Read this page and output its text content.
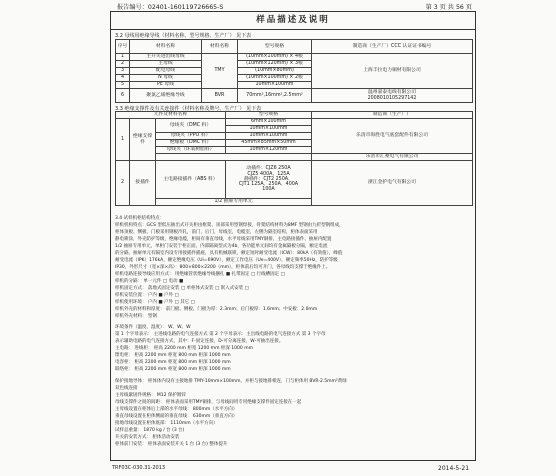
报告编号：02401-160119726665-S	第 3 页 共 56 页
样品描述及说明
3.2 母线用绝缘导线（材料名称、型号规格、生产厂） 见下表
序号	材料名称	材料名称	型号规格	制造商（生产厂）CCC 认证证书编号
1	主开关进出线母线	TMY	(10mm×100mm) × 4根	上海丰拉电力铜材有限公司
2	主母线		(10mm×120mm) × 3根	
3	配电母线		(10mm×80mm)	
4	N 母线		(10mm×100mm) × 2根	
5	PE 母线		10mm×100mm	
6	聚氯乙烯绝缘导线	BVR	70mm²,16mm²,2.5mm²	温州嘉泰电线有限公司
2008010105297142
3.3 绝缘支撑件及有关连接件（材料名称及牌号、生产厂） 见下表
元件及材料名称			型号规格	制造商（生产厂）
1	绝缘支撑件	母线夹（DMC 料）	6mm×100mm	乐清市海胜电气底套配件有限公司
			10mm×100mm	
		母线夹（PPO 料）	10mm×100mm	
		绝缘板（DMC 料）	45mm×85mm×50mm	
		母线夹（环氧树脂料）	10mm×120mm	
				乐清市汇豪电气有限公司
2	接插件	主电路接插件（ABS 料）	动插件：CJZ6 250A
CJZ5 400A、125A
静插件：CJT2 250A、
CJT1 125A、250A、400A
100A	浙江金护电气有限公司
		1/2 抽屉专用单元		
3.4 试样机柜结构特点：
样机机构特点：GCS 型低压抽出式开关柜由框架、顶部采用型钢焊接，骨架结构材料为8MF 型钢由九折型钢组成，
柜体顶板、侧板、门板采用钢板冷轧，前门，后门，母线室，电缆室，左侧为隔室结构，柜体表面采用
静电喷涂，外壳防护等级，绝缘电缆，柜间有垂直母线，水平母线采用TMY铜排，主电路接插件、抽屉内配置
1/2 抽屉专用单元，单柜门安装于柜正面，内部隔离型式为4b，各功能单元间均有金属隔板分隔，额定电流
的分隔，抽屉单元有隔室内设专用接插件插座，具有机械联锁，额定短时耐受电流（ICW）：80kA（有效值），峰值
耐受电流（IPK）176kA，额定绝缘电压（Ui=690V），额定工作电压（Ue=400V），额定频率50Hz，防护等级
IP30，外形尺寸（宽×深×高）：800×800×2200（mm），柜体前后均可开门，各母线均支撑于绝缘件上。
样机电路连接导线应用方式： 用绝缘管状绝缘导线捆扎 ■ 扎带固定 □ 行线槽固定 □
样机的分隔： 单一元件 □ 电动 ■
样机固定方式： 落地式固定安装 □ 单柜体式安装 □ 嵌入式安装 □
样机安装位置： 户内 ■ 户外 □
样机使用环境： 户内 ■ 户外 □ 其它 □
样机外壳的材料和厚度： 前门板、侧板、门板为厚：2.3mm；后门板厚：1.6mm；中安板：2.0mm
样机外壳材料： 型钢
环境条件（温度、湿度）： W、W、W
第 1 个字母表示： 主进线电路的电气连接方式 第 2 个字母表示：主出线电路的电气连接方式 第 3 个字母
表示辅助电路的电气连接方式，其中：F-固定连接，D-可分离连接，W-可抽出连接。
主电路： 进线柜： 柜高 2200 mm 柜宽 1200 mm 柜深 1000 mm
馈电柜： 柜高 2200 mm 柜宽 800 mm 柜深 1000 mm
电容柜： 柜高 2200 mm 柜宽 800 mm 柜深 1000 mm
联络柜： 柜高 2200 mm 柜宽 800 mm 柜深 1000 mm
保护接地导体： 柜体体内设有主接地排 TMY-10mm×100mm，并柜与接地排相连，门与柜体用 BVR-2.5mm²黄绿
双色线连接
主母线紧固件规格： M12 保护镀锌
母线支撑件之间的间距： 柜体表面采用TMY铜排，与母线间用专用绝缘支撑件固定连接在一起
主母线设置在柜体后上部的水平母线： 800mm（水平方向）
垂直母线设置在柜体侧面的垂直母线： 630mm（垂直方向）
接地母线设置在柜体底部： 1110mm（水平方向）
试样总重量： 1870 kg / 台 (3 台)
开关的安装方式： 柜体活动安装
柜体前门安装： 柜体表面安装开关 1 台 (3 台) 整体提升
TRF03C-030.31-2013	2014-5-21
